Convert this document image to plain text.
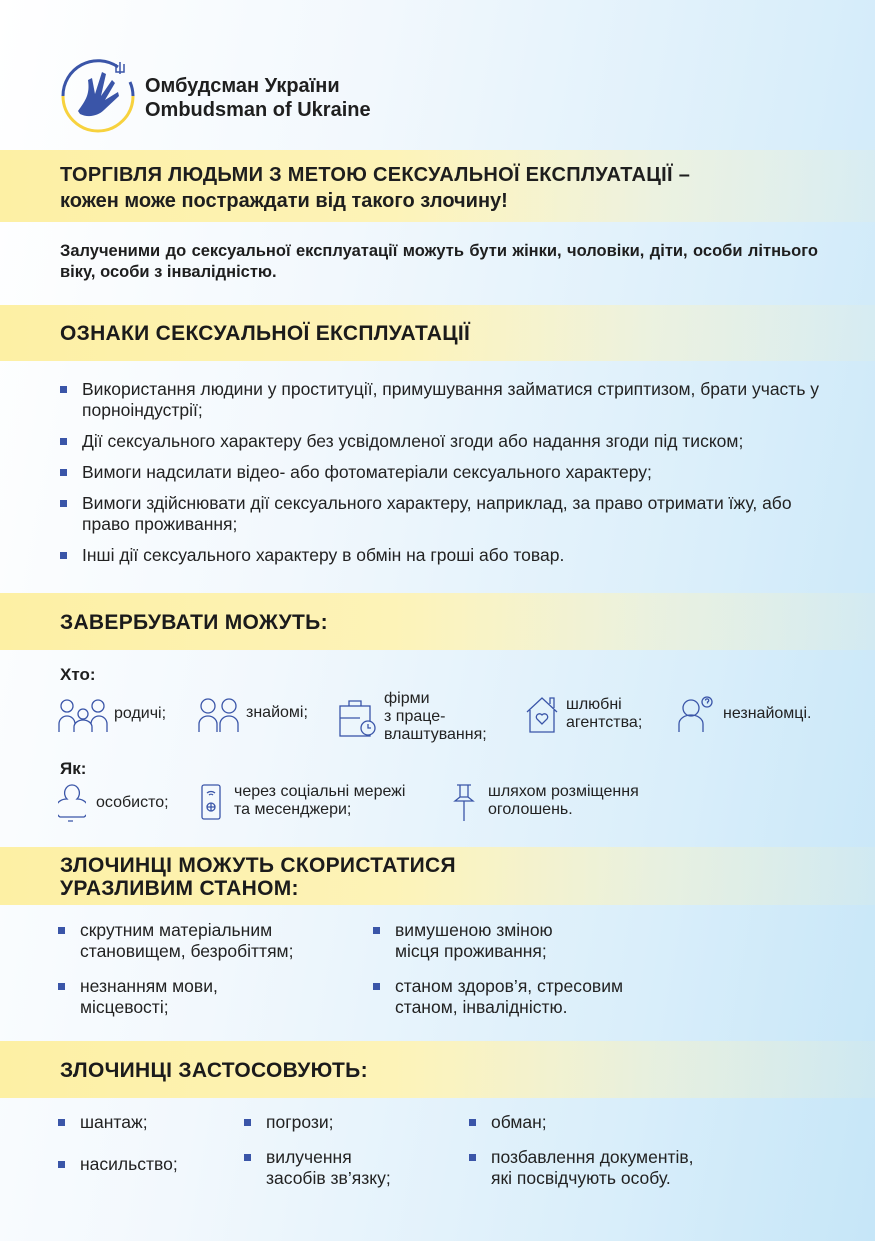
Омбудсман України
Ombudsman of Ukraine
ТОРГІВЛЯ ЛЮДЬМИ З МЕТОЮ СЕКСУАЛЬНОЇ ЕКСПЛУАТАЦІЇ –
кожен може постраждати від такого злочину!
Залученими до сексуальної експлуатації можуть бути жінки, чоловіки, діти, особи літнього віку, особи з інвалідністю.
ОЗНАКИ СЕКСУАЛЬНОЇ ЕКСПЛУАТАЦІЇ
Використання людини у проституції, примушування займатися стриптизом, брати участь у порноіндустрії;
Дії сексуального характеру без усвідомленої згоди або надання згоди під тиском;
Вимоги надсилати відео- або фотоматеріали сексуального характеру;
Вимоги здійснювати дії сексуального характеру, наприклад, за право отримати їжу, або право проживання;
Інші дії сексуального характеру в обмін на гроші або товар.
ЗАВЕРБУВАТИ МОЖУТЬ:
Хто:
родичі;	знайомі;
фірми
з праце-
влаштування;
шлюбні
агентства;
незнайомці.
Як:
особисто;
через соціальні мережі
та месенджери;
шляхом розміщення
оголошень.
ЗЛОЧИНЦІ МОЖУТЬ СКОРИСТАТИСЯ
УРАЗЛИВИМ СТАНОМ:
скрутним матеріальним
становищем, безробіттям;
незнанням мови,
місцевості;
вимушеною зміною
місця проживання;
станом здоров’я, стресовим
станом, інвалідністю.
ЗЛОЧИНЦІ ЗАСТОСОВУЮТЬ:
шантаж;
насильство;
погрози;
вилучення
засобів зв’язку;
обман;
позбавлення документів,
які посвідчують особу.
